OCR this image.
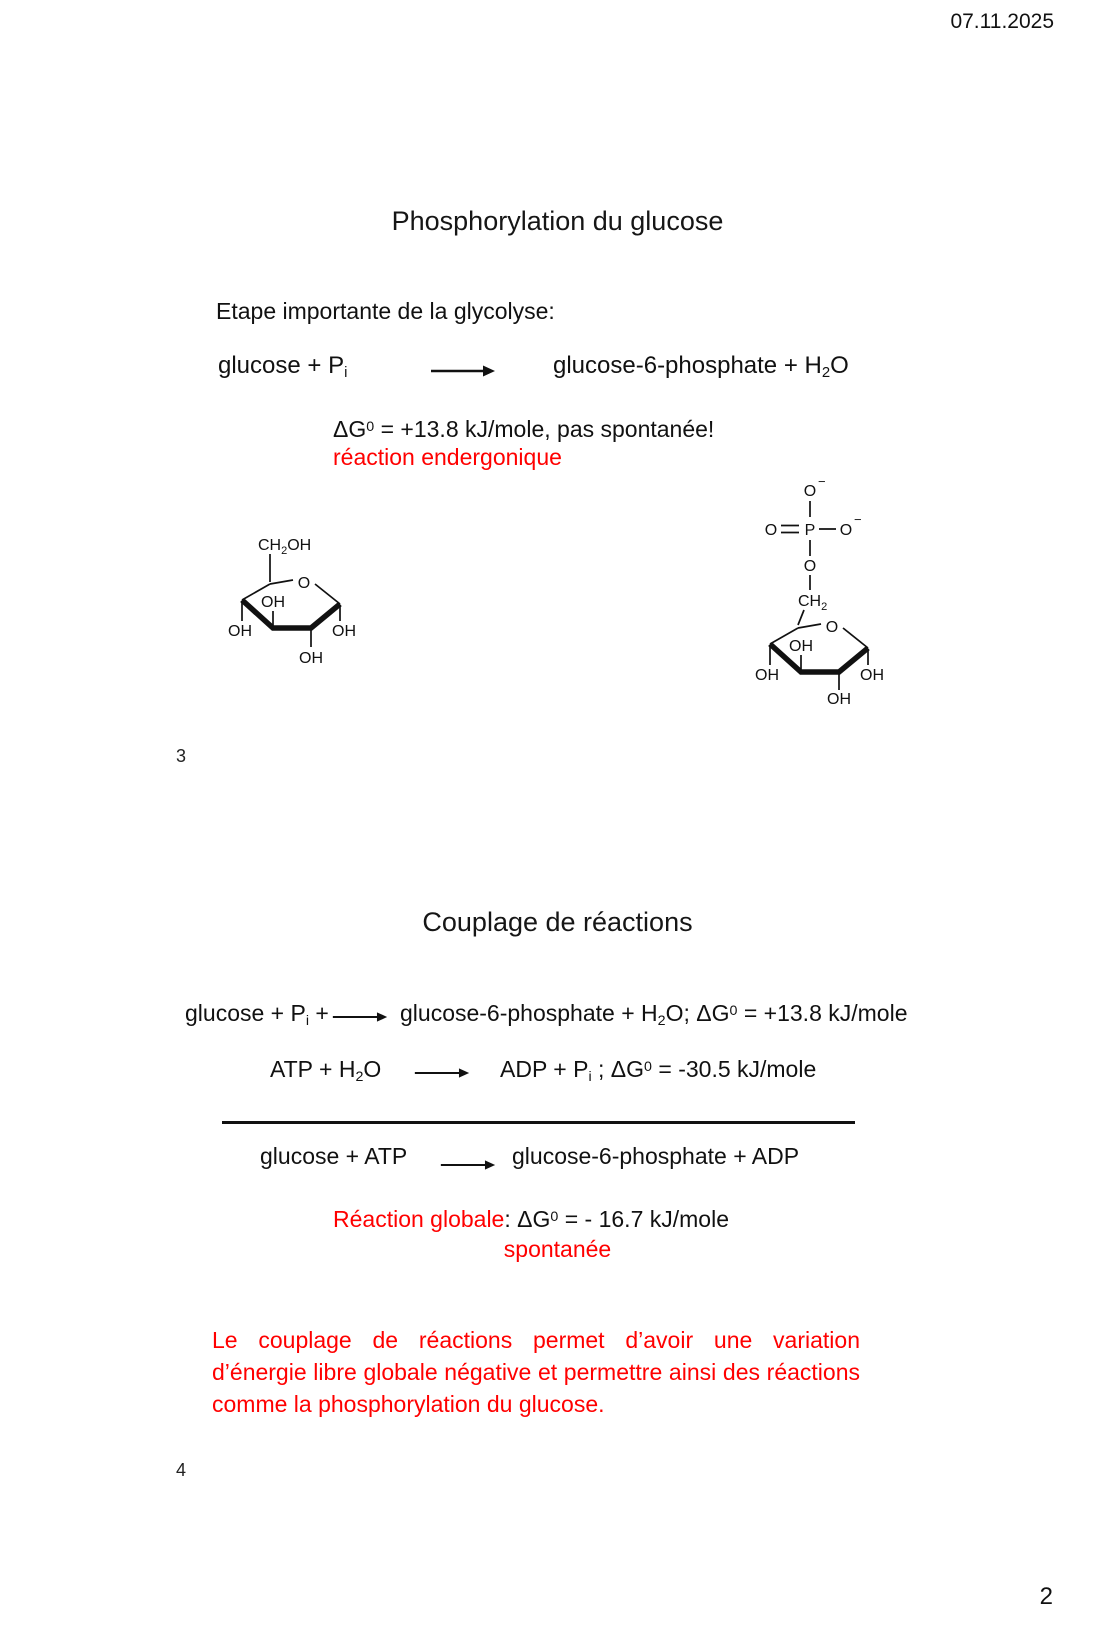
07.11.2025
2
Phosphorylation du glucose
Etape importante de la glycolyse:
$glucose + P_i$	glucose-6-phosphate + $H_2O$
$\Delta G^0 = +13.8$ kJ/mole, pas spontanée!
réaction endergonique
$CH_2OH$
O
OH
OH
OH
OH
O
−
O P O
−
O
$CH_2$
O
OH
OH
OH
OH
3
Couplage de réactions
$glucose + P_i$ + → glucose-6-phosphate + $H_2O$; $\Delta G^0 = +13.8$ kJ/mole
ATP + $H_2O$	ADP + $P_i$ ; $\Delta G^0 = -30.5$ kJ/mole
glucose + ATP → glucose-6-phosphate + ADP
Réaction globale: $\Delta G^0$ = - 16.7 kJ/mole
spontanée
Le couplage de réactions permet d’avoir une variation d’énergie libre globale négative et permettre ainsi des réactions comme la phosphorylation du glucose.
4
